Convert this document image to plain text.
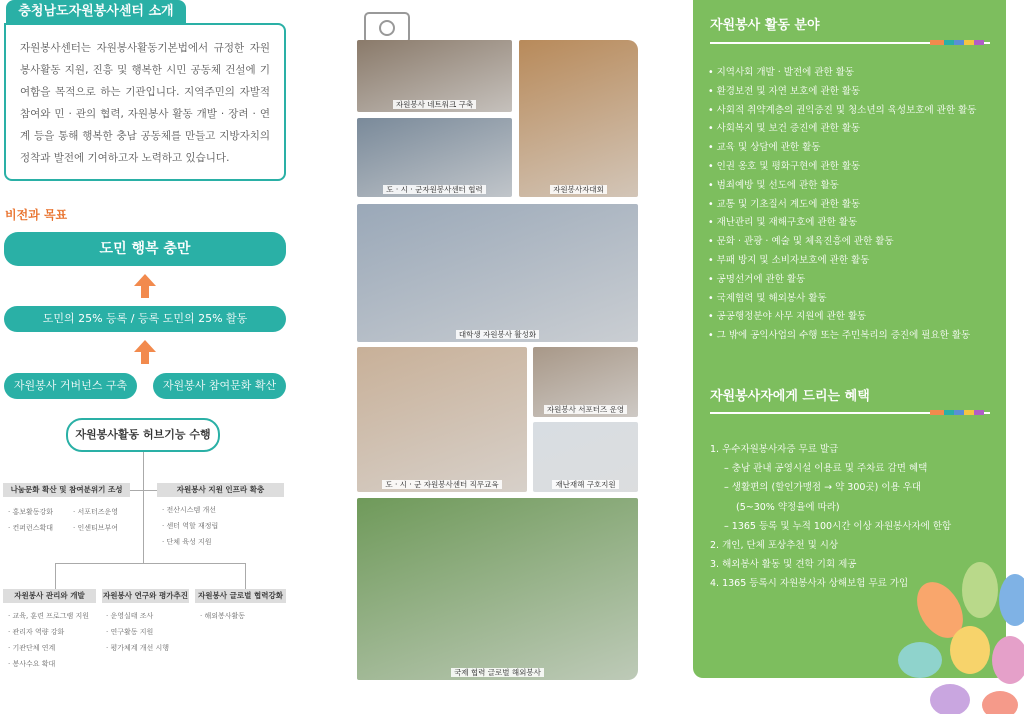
충청남도자원봉사센터 소개
자원봉사센터는 자원봉사활동기본법에서 규정한 자원봉사활동 지원, 진흥 및 행복한 시민 공동체 건설에 기여함을 목적으로 하는 기관입니다. 지역주민의 자발적 참여와 민 · 관의 협력, 자원봉사 활동 개발 · 장려 · 연계 등을 통해 행복한 충남 공동체를 만들고 지방자치의 정착과 발전에 기여하고자 노력하고 있습니다.
비전과 목표
도민 행복 충만
도민의 25% 등록 / 등록 도민의 25% 활동
자원봉사 거버넌스 구축	자원봉사 참여문화 확산
자원봉사활동 허브기능 수행
나눔문화 확산 및 참여분위기 조성
· 홍보활동강화	· 서포터즈운영
· 컨퍼런스확대	· 인센티브부여
자원봉사 지원 인프라 확충
· 전산시스템 개선
· 센터 역할 재정립
· 단체 육성 지원
자원봉사 관리와 개발
· 교육, 훈련 프로그램 지원
· 관리자 역량 강화
· 기관단체 연계
· 봉사수요 확대
자원봉사 연구와 평가추진
· 운영실태 조사
· 연구활동 지원
· 평가체계 개선 시행
자원봉사 글로벌 협력강화
· 해외봉사활동
자원봉사 네트워크 구축
자원봉사자대회
도 · 시 · 군자원봉사센터 협력
대학생 자원봉사 활성화
도 · 시 · 군 자원봉사센터 직무교육
자원봉사 서포터즈 운영
재난재해 구호지원
국제 협력 글로벌 해외봉사
자원봉사 활동 분야
• 지역사회 개발 · 발전에 관한 활동
• 환경보전 및 자연 보호에 관한 활동
• 사회적 취약계층의 권익증진 및 청소년의 육성보호에 관한 활동
• 사회복지 및 보건 증진에 관한 활동
• 교육 및 상담에 관한 활동
• 인권 옹호 및 평화구현에 관한 활동
• 범죄예방 및 선도에 관한 활동
• 교통 및 기초질서 계도에 관한 활동
• 재난관리 및 재해구호에 관한 활동
• 문화 · 관광 · 예술 및 체육진흥에 관한 활동
• 부패 방지 및 소비자보호에 관한 활동
• 공명선거에 관한 활동
• 국제협력 및 해외봉사 활동
• 공공행정분야 사무 지원에 관한 활동
• 그 밖에 공익사업의 수행 또는 주민복리의 증진에 필요한 활동
자원봉사자에게 드리는 혜택
1. 우수자원봉사자증 무료 발급
– 충남 관내 공영시설 이용료 및 주차료 감면 혜택
– 생활편의 (할인가맹점 → 약 300곳) 이용 우대
(5~30% 약정율에 따라)
– 1365 등록 및 누적 100시간 이상 자원봉사자에 한함
2. 개인, 단체 포상추천 및 시상
3. 해외봉사 활동 및 견학 기회 제공
4. 1365 등록시 자원봉사자 상해보험 무료 가입
